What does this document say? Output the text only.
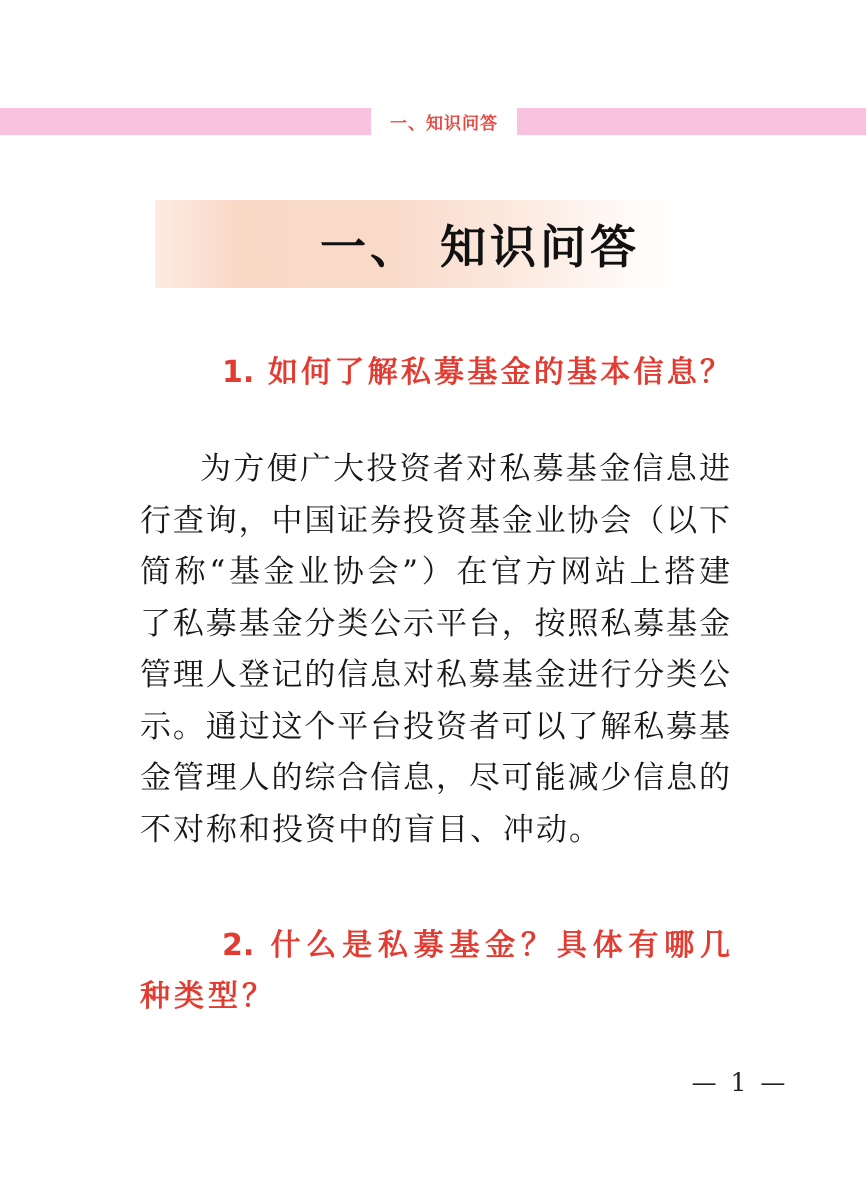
一、知识问答
一、 知识问答
1. 如何了解私募基金的基本信息？
为方便广大投资者对私募基金信息进
行查询，中国证券投资基金业协会（以下
简称“基金业协会”）在官方网站上搭建
了私募基金分类公示平台，按照私募基金
管理人登记的信息对私募基金进行分类公
示。通过这个平台投资者可以了解私募基
金管理人的综合信息，尽可能减少信息的
不对称和投资中的盲目、冲动。
2. 什么是私募基金？具体有哪几
种类型？
— 1 —
